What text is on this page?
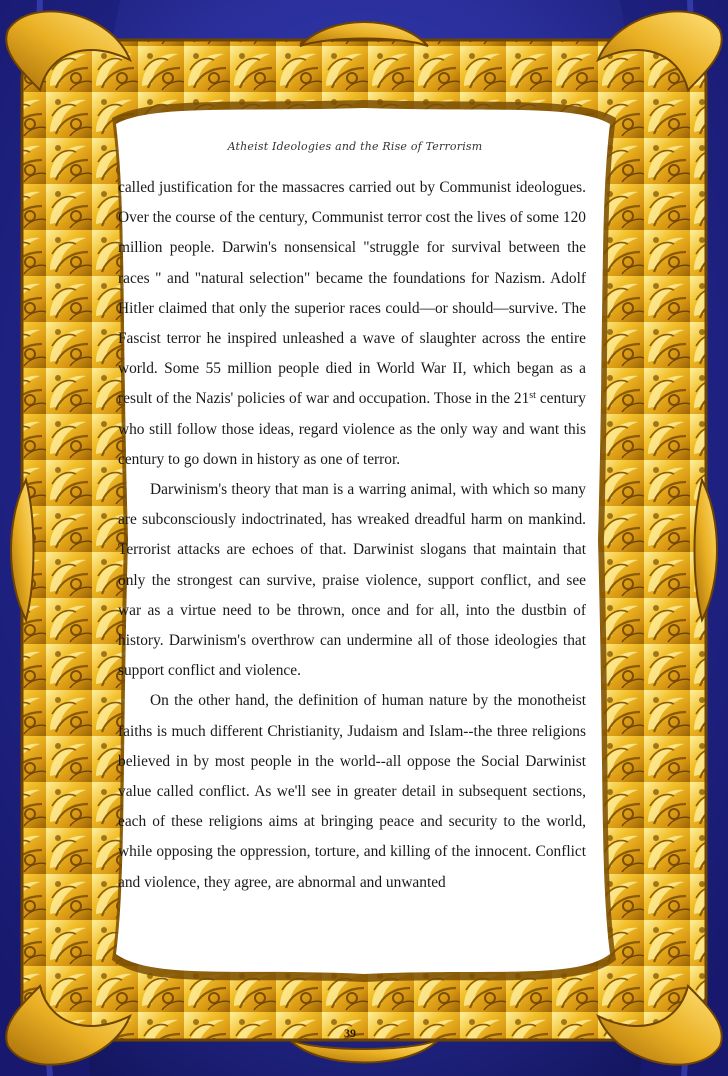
Atheist Ideologies and the Rise of Terrorism

called justification for the massacres carried out by Communist ideologues. Over the course of the century, Communist terror cost the lives of some 120 million people. Darwin's nonsensical "struggle for survival between the races " and "natural selection" became the foundations for Nazism. Adolf Hitler claimed that only the superior races could—or should—survive. The Fascist terror he inspired unleashed a wave of slaughter across the entire world. Some 55 million people died in World War II, which began as a result of the Nazis' policies of war and occupation. Those in the 21st century who still follow those ideas, regard violence as the only way and want this century to go down in history as one of terror.

Darwinism's theory that man is a warring animal, with which so many are subconsciously indoctrinated, has wreaked dreadful harm on mankind. Terrorist attacks are echoes of that. Darwinist slogans that maintain that only the strongest can survive, praise violence, support conflict, and see war as a virtue need to be thrown, once and for all, into the dustbin of history. Darwinism's overthrow can undermine all of those ideologies that support conflict and violence.

On the other hand, the definition of human nature by the monotheist faiths is much different Christianity, Judaism and Islam--the three religions believed in by most people in the world--all oppose the Social Darwinist value called conflict. As we'll see in greater detail in subsequent sections, each of these religions aims at bringing peace and security to the world, while opposing the oppression, torture, and killing of the innocent. Conflict and violence, they agree, are abnormal and unwanted

39
